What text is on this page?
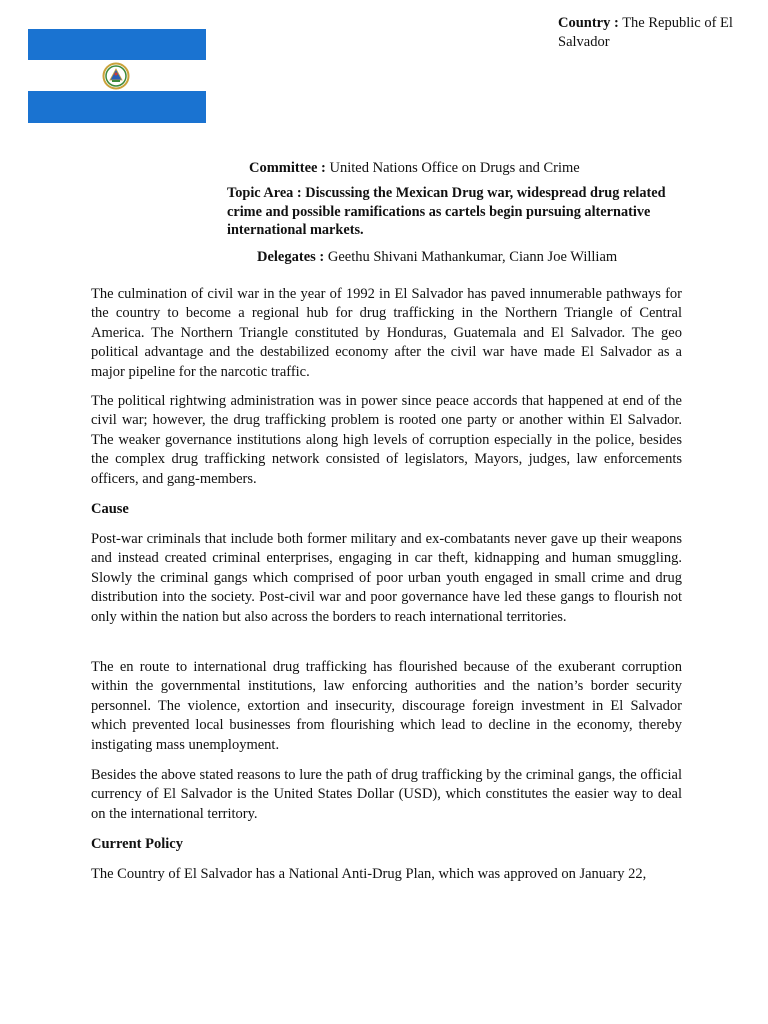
Country : The Republic of El Salvador
Committee : United Nations Office on Drugs and Crime
Topic Area : Discussing the Mexican Drug war, widespread drug related crime and possible ramifications as cartels begin pursuing alternative international markets.
Delegates : Geethu Shivani Mathankumar, Ciann Joe William

The culmination of civil war in the year of 1992 in El Salvador has paved innumerable pathways for the country to become a regional hub for drug trafficking in the Northern Triangle of Central America. The Northern Triangle constituted by Honduras, Guatemala and El Salvador. The geo political advantage and the destabilized economy after the civil war have made El Salvador as a major pipeline for the narcotic traffic.

The political rightwing administration was in power since peace accords that happened at end of the civil war; however, the drug trafficking problem is rooted one party or another within El Salvador. The weaker governance institutions along high levels of corruption especially in the police, besides the complex drug trafficking network consisted of legislators, Mayors, judges, law enforcements officers, and gang-members.

Cause

Post-war criminals that include both former military and ex-combatants never gave up their weapons and instead created criminal enterprises, engaging in car theft, kidnapping and human smuggling. Slowly the criminal gangs which comprised of poor urban youth engaged in small crime and drug distribution into the society. Post-civil war and poor governance have led these gangs to flourish not only within the nation but also across the borders to reach international territories.

The en route to international drug trafficking has flourished because of the exuberant corruption within the governmental institutions, law enforcing authorities and the nation’s border security personnel. The violence, extortion and insecurity, discourage foreign investment in El Salvador which prevented local businesses from flourishing which lead to decline in the economy, thereby instigating mass unemployment.

Besides the above stated reasons to lure the path of drug trafficking by the criminal gangs, the official currency of El Salvador is the United States Dollar (USD), which constitutes the easier way to deal on the international territory.

Current Policy

The Country of El Salvador has a National Anti-Drug Plan, which was approved on January 22,
